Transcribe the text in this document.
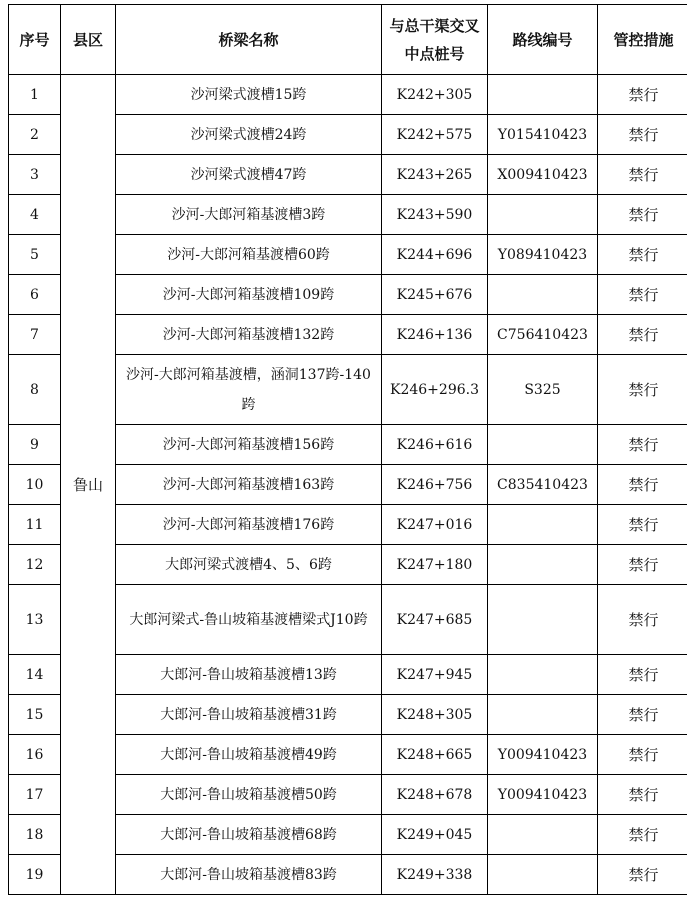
序号	县区	桥梁名称	与总干渠交叉中点桩号	路线编号	管控措施
1	鲁山	沙河梁式渡槽15跨	K242+305		禁行
2		沙河梁式渡槽24跨	K242+575	Y015410423	禁行
3		沙河梁式渡槽47跨	K243+265	X009410423	禁行
4		沙河-大郎河箱基渡槽3跨	K243+590		禁行
5		沙河-大郎河箱基渡槽60跨	K244+696	Y089410423	禁行
6		沙河-大郎河箱基渡槽109跨	K245+676		禁行
7		沙河-大郎河箱基渡槽132跨	K246+136	C756410423	禁行
8		沙河-大郎河箱基渡槽，涵洞137跨-140跨	K246+296.3	S325	禁行
9		沙河-大郎河箱基渡槽156跨	K246+616		禁行
10		沙河-大郎河箱基渡槽163跨	K246+756	C835410423	禁行
11		沙河-大郎河箱基渡槽176跨	K247+016		禁行
12		大郎河梁式渡槽4、5、6跨	K247+180		禁行
13		大郎河梁式-鲁山坡箱基渡槽梁式J10跨	K247+685		禁行
14		大郎河-鲁山坡箱基渡槽13跨	K247+945		禁行
15		大郎河-鲁山坡箱基渡槽31跨	K248+305		禁行
16		大郎河-鲁山坡箱基渡槽49跨	K248+665	Y009410423	禁行
17		大郎河-鲁山坡箱基渡槽50跨	K248+678	Y009410423	禁行
18		大郎河-鲁山坡箱基渡槽68跨	K249+045		禁行
19		大郎河-鲁山坡箱基渡槽83跨	K249+338		禁行
